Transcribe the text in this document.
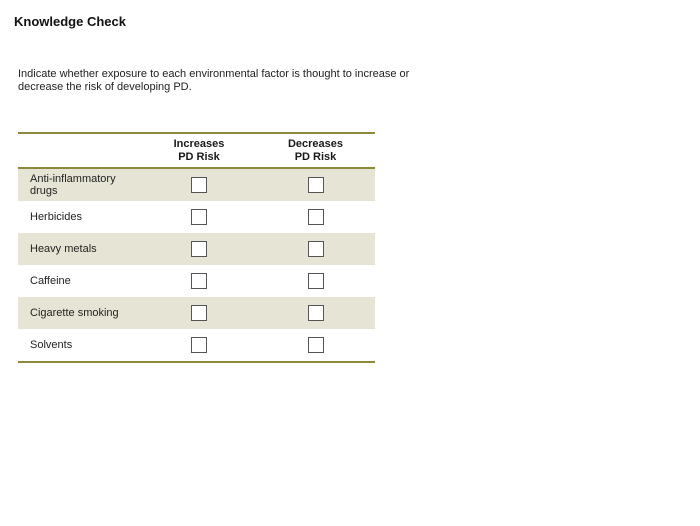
Knowledge Check
Indicate whether exposure to each environmental factor is thought to increase or decrease the risk of developing PD.
Increases
PD Risk
Decreases
PD Risk
Anti-inflammatory drugs
Herbicides
Heavy metals
Caffeine
Cigarette smoking
Solvents
